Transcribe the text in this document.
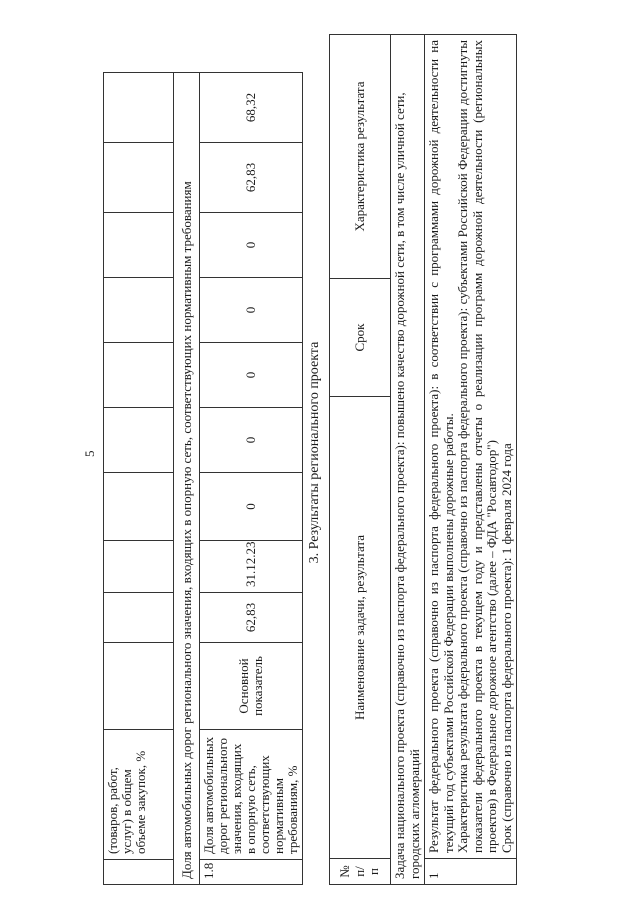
5
	(товаров, работ, услуг) в общем объеме закупок, %										
Доля автомобильных дорог регионального значения, входящих в опорную сеть, соответствующих нормативным требованиям											
1.8	Доля автомобильных дорог регионального значения, входящих в опорную сеть, соответствующих нормативным требованиям, %	Основной показатель	62,83	31.12.23	0	0	0	0	0	62,83	68,32
3. Результаты регионального проекта
№ п/п	Наименование задачи, результата	Срок	Характеристика результата
Задача национального проекта (справочно из паспорта федерального проекта): повышено качество дорожной сети, в том числе уличной сети, городских агломераций			
1	Результат федерального проекта (справочно из паспорта федерального проекта): в соответствии с программами дорожной деятельности на текущий год субъектами Российской Федерации выполнены дорожные работы. Характеристика результата федерального проекта (справочно из паспорта федерального проекта): субъектами Российской Федерации достигнуты показатели федерального проекта в текущем году и представлены отчеты о реализации программ дорожной деятельности (региональных проектов) в Федеральное дорожное агентство (далее – ФДА "Росавтодор") Срок (справочно из паспорта федерального проекта): 1 февраля 2024 года		
